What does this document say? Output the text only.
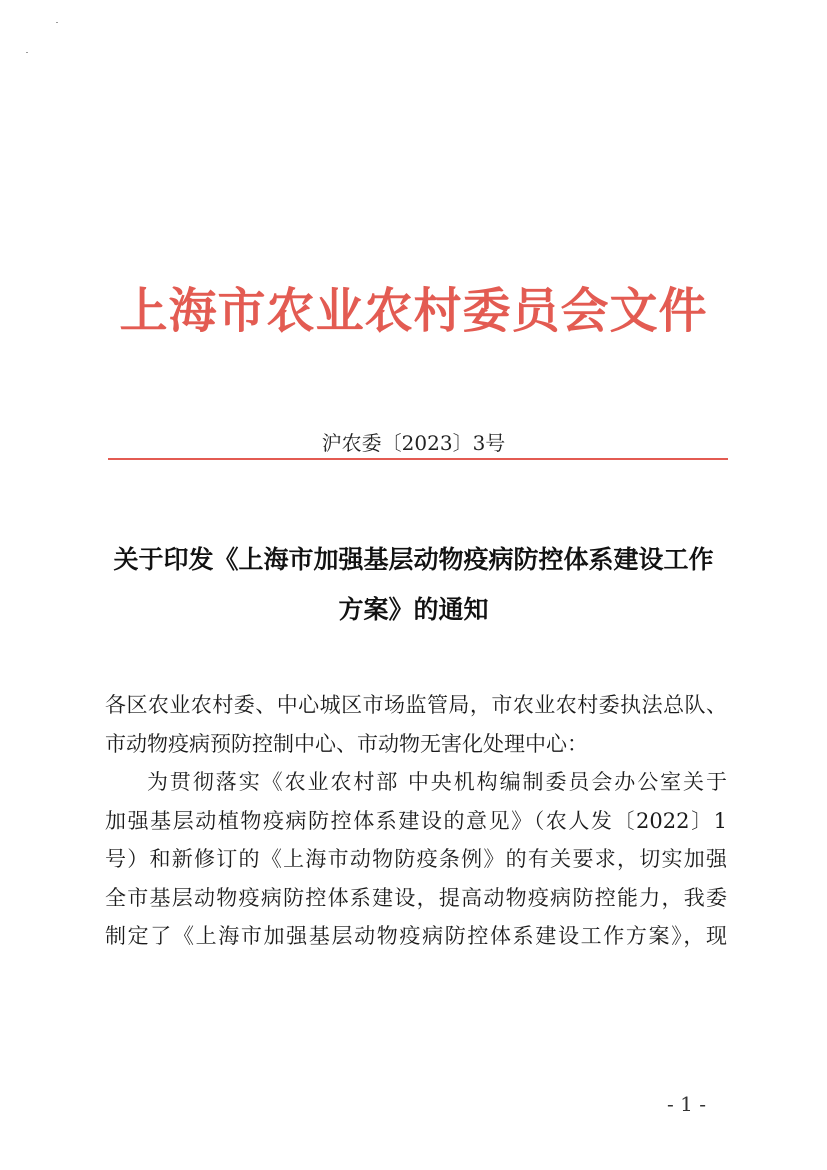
上海市农业农村委员会文件
沪农委〔2023〕3号
关于印发《上海市加强基层动物疫病防控体系建设工作
方案》的通知
各区农业农村委、中心城区市场监管局，市农业农村委执法总队、
市动物疫病预防控制中心、市动物无害化处理中心：
为贯彻落实《农业农村部 中央机构编制委员会办公室关于
加强基层动植物疫病防控体系建设的意见》（农人发〔2022〕1
号）和新修订的《上海市动物防疫条例》的有关要求，切实加强
全市基层动物疫病防控体系建设，提高动物疫病防控能力，我委
制定了《上海市加强基层动物疫病防控体系建设工作方案》，现
- 1 -
